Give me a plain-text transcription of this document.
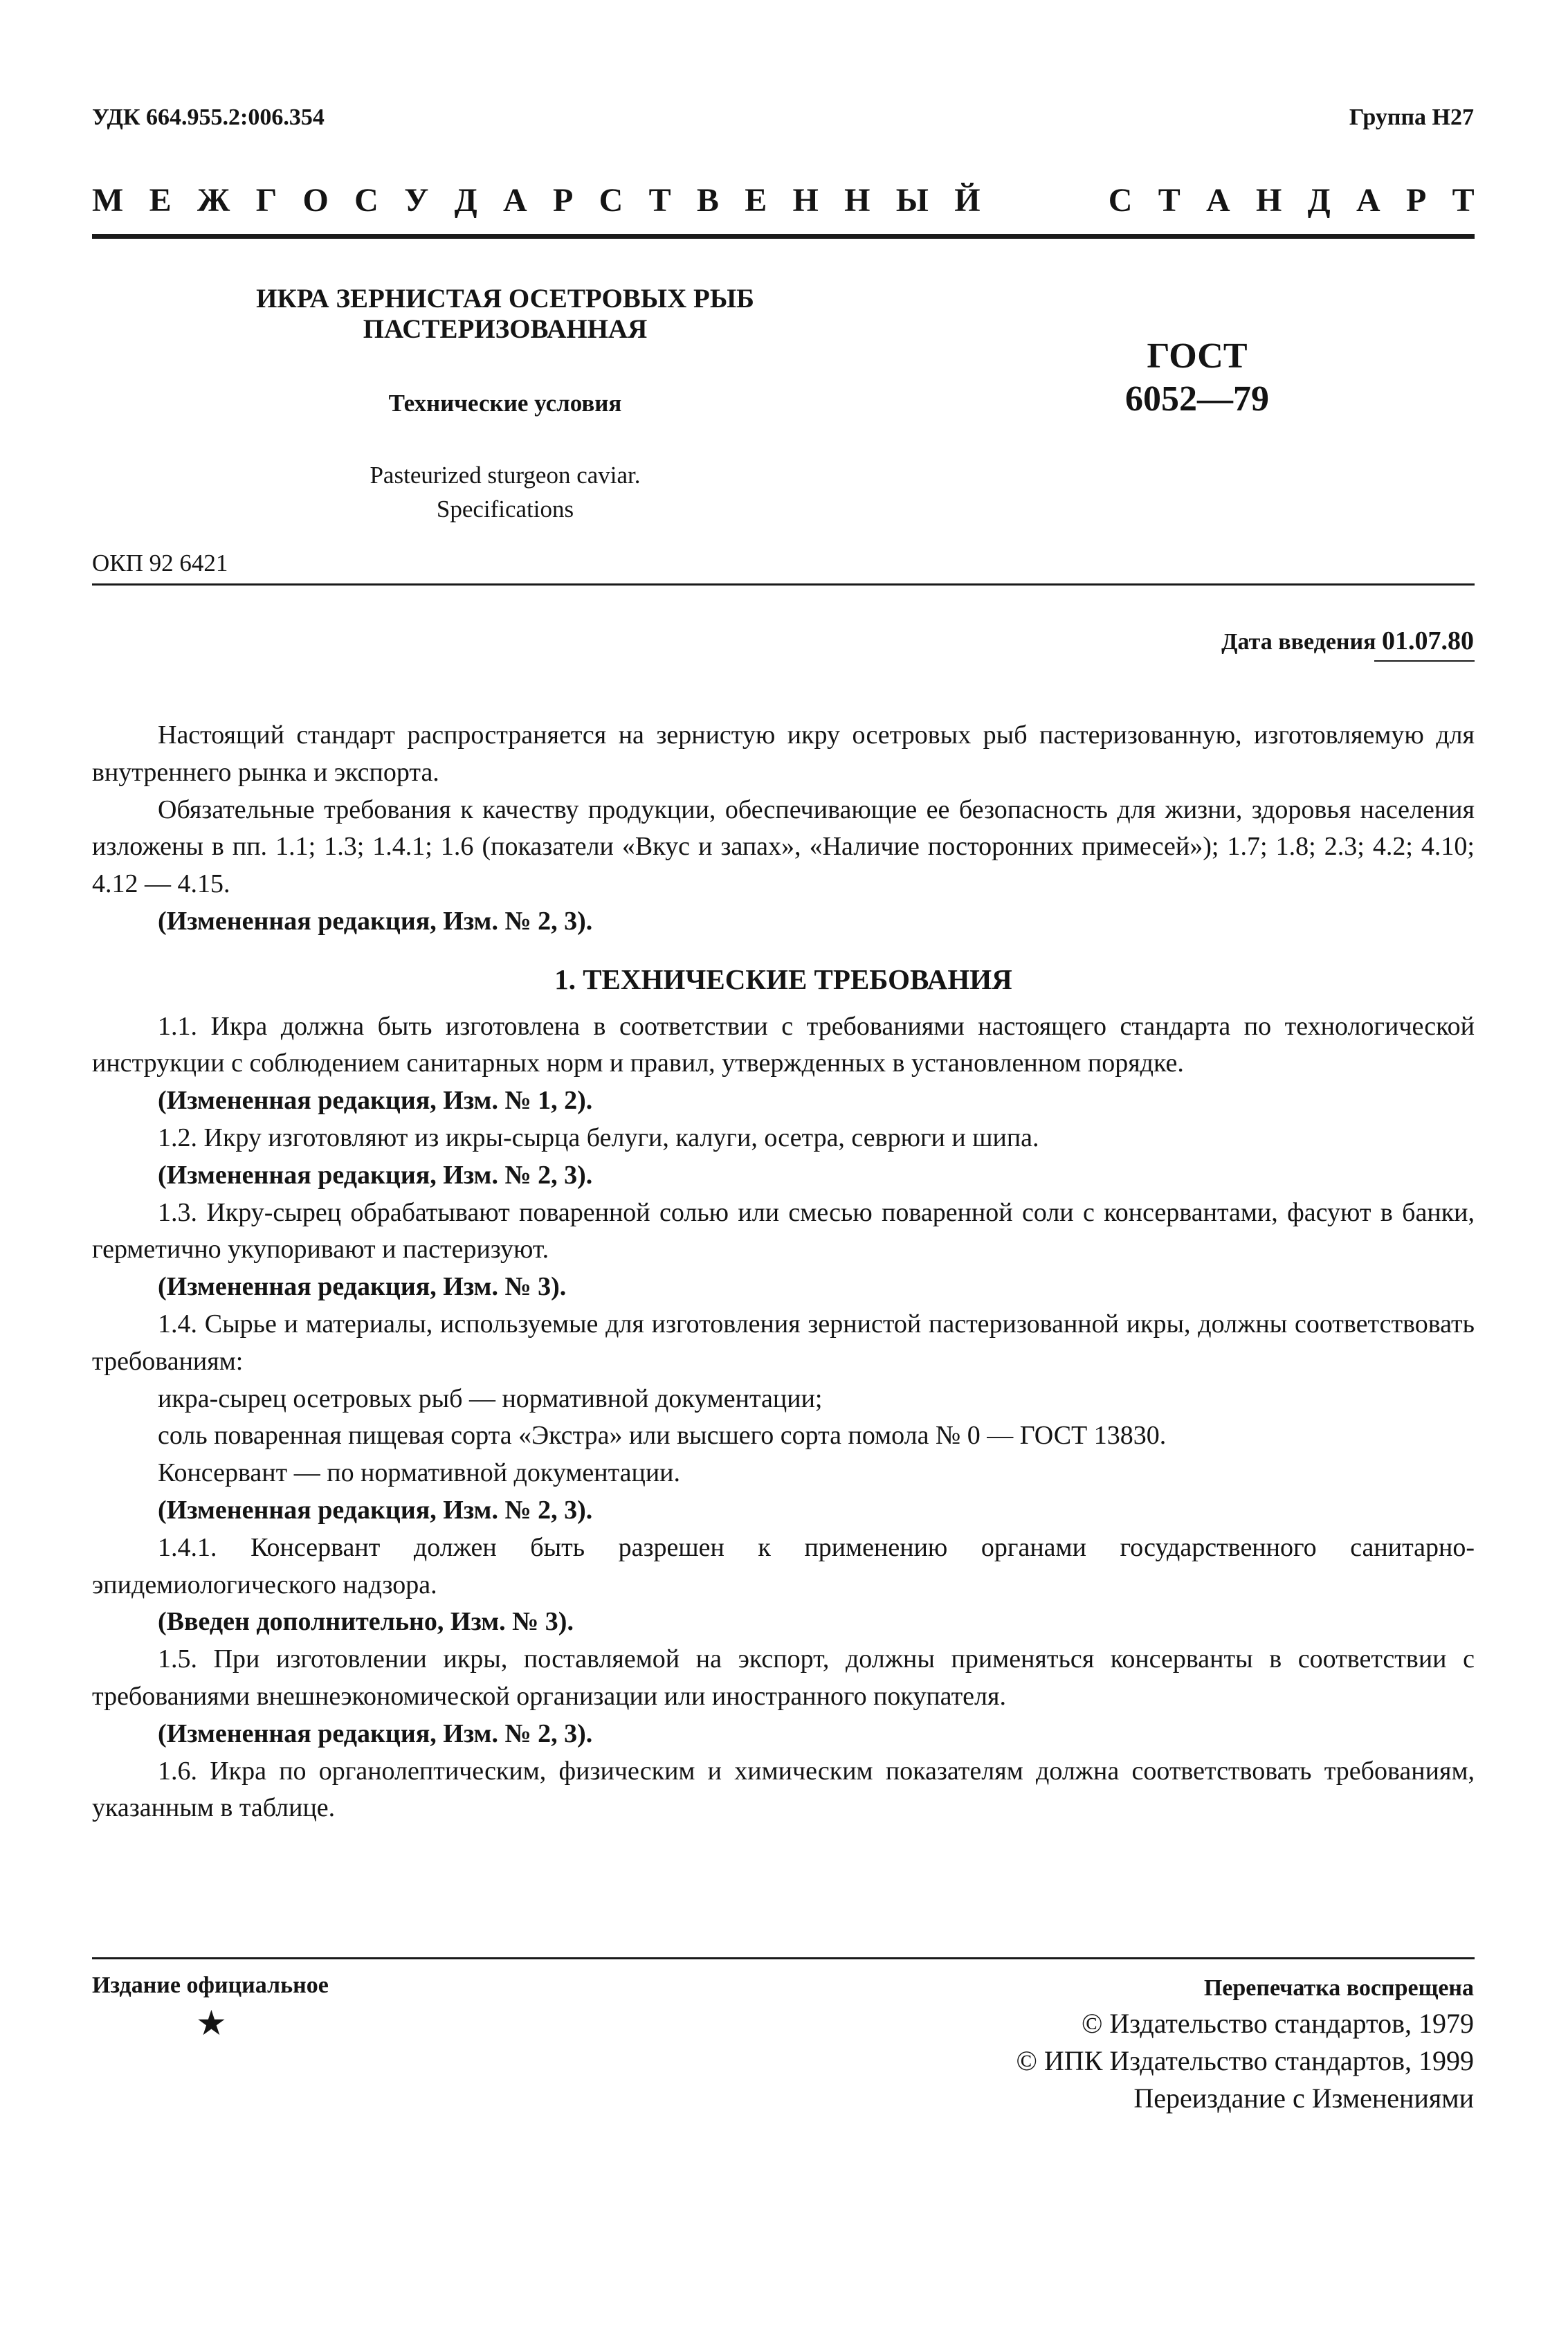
УДК 664.955.2:006.354	Группа Н27
М Е Ж Г О С У Д А Р С Т В Е Н Н Ы Й

	С Т А Н Д А Р Т
ИКРА ЗЕРНИСТАЯ ОСЕТРОВЫХ РЫБ
ПАСТЕРИЗОВАННАЯ
Технические условия
Pasteurized sturgeon caviar.
Specifications
ГОСТ
6052—79
ОКП 92 6421
Дата введения 01.07.80

Настоящий стандарт распространяется на зернистую икру осетровых рыб пастеризованную, изготовляемую для внутреннего рынка и экспорта.

Обязательные требования к качеству продукции, обеспечивающие ее безопасность для жизни, здоровья населения изложены в пп. 1.1; 1.3; 1.4.1; 1.6 (показатели «Вкус и запах», «Наличие посторонних примесей»); 1.7; 1.8; 2.3; 4.2; 4.10; 4.12 — 4.15.

(Измененная редакция, Изм. № 2, 3).

1. ТЕХНИЧЕСКИЕ ТРЕБОВАНИЯ

1.1. Икра должна быть изготовлена в соответствии с требованиями настоящего стандарта по технологической инструкции с соблюдением санитарных норм и правил, утвержденных в установленном порядке.

(Измененная редакция, Изм. № 1, 2).

1.2. Икру изготовляют из икры-сырца белуги, калуги, осетра, севрюги и шипа.

(Измененная редакция, Изм. № 2, 3).

1.3. Икру-сырец обрабатывают поваренной солью или смесью поваренной соли с консервантами, фасуют в банки, герметично укупоривают и пастеризуют.

(Измененная редакция, Изм. № 3).

1.4. Сырье и материалы, используемые для изготовления зернистой пастеризованной икры, должны соответствовать требованиям:

икра-сырец осетровых рыб — нормативной документации;

соль поваренная пищевая сорта «Экстра» или высшего сорта помола № 0 — ГОСТ 13830.

Консервант — по нормативной документации.

(Измененная редакция, Изм. № 2, 3).

1.4.1. Консервант должен быть разрешен к применению органами государственного санитарно-эпидемиологического надзора.

(Введен дополнительно, Изм. № 3).

1.5. При изготовлении икры, поставляемой на экспорт, должны применяться консерванты в соответствии с требованиями внешнеэкономической организации или иностранного покупателя.

(Измененная редакция, Изм. № 2, 3).

1.6. Икра по органолептическим, физическим и химическим показателям должна соответствовать требованиям, указанным в таблице.

Издание официальное
★
Перепечатка воспрещена
© Издательство стандартов, 1979
© ИПК Издательство стандартов, 1999
Переиздание с Изменениями
